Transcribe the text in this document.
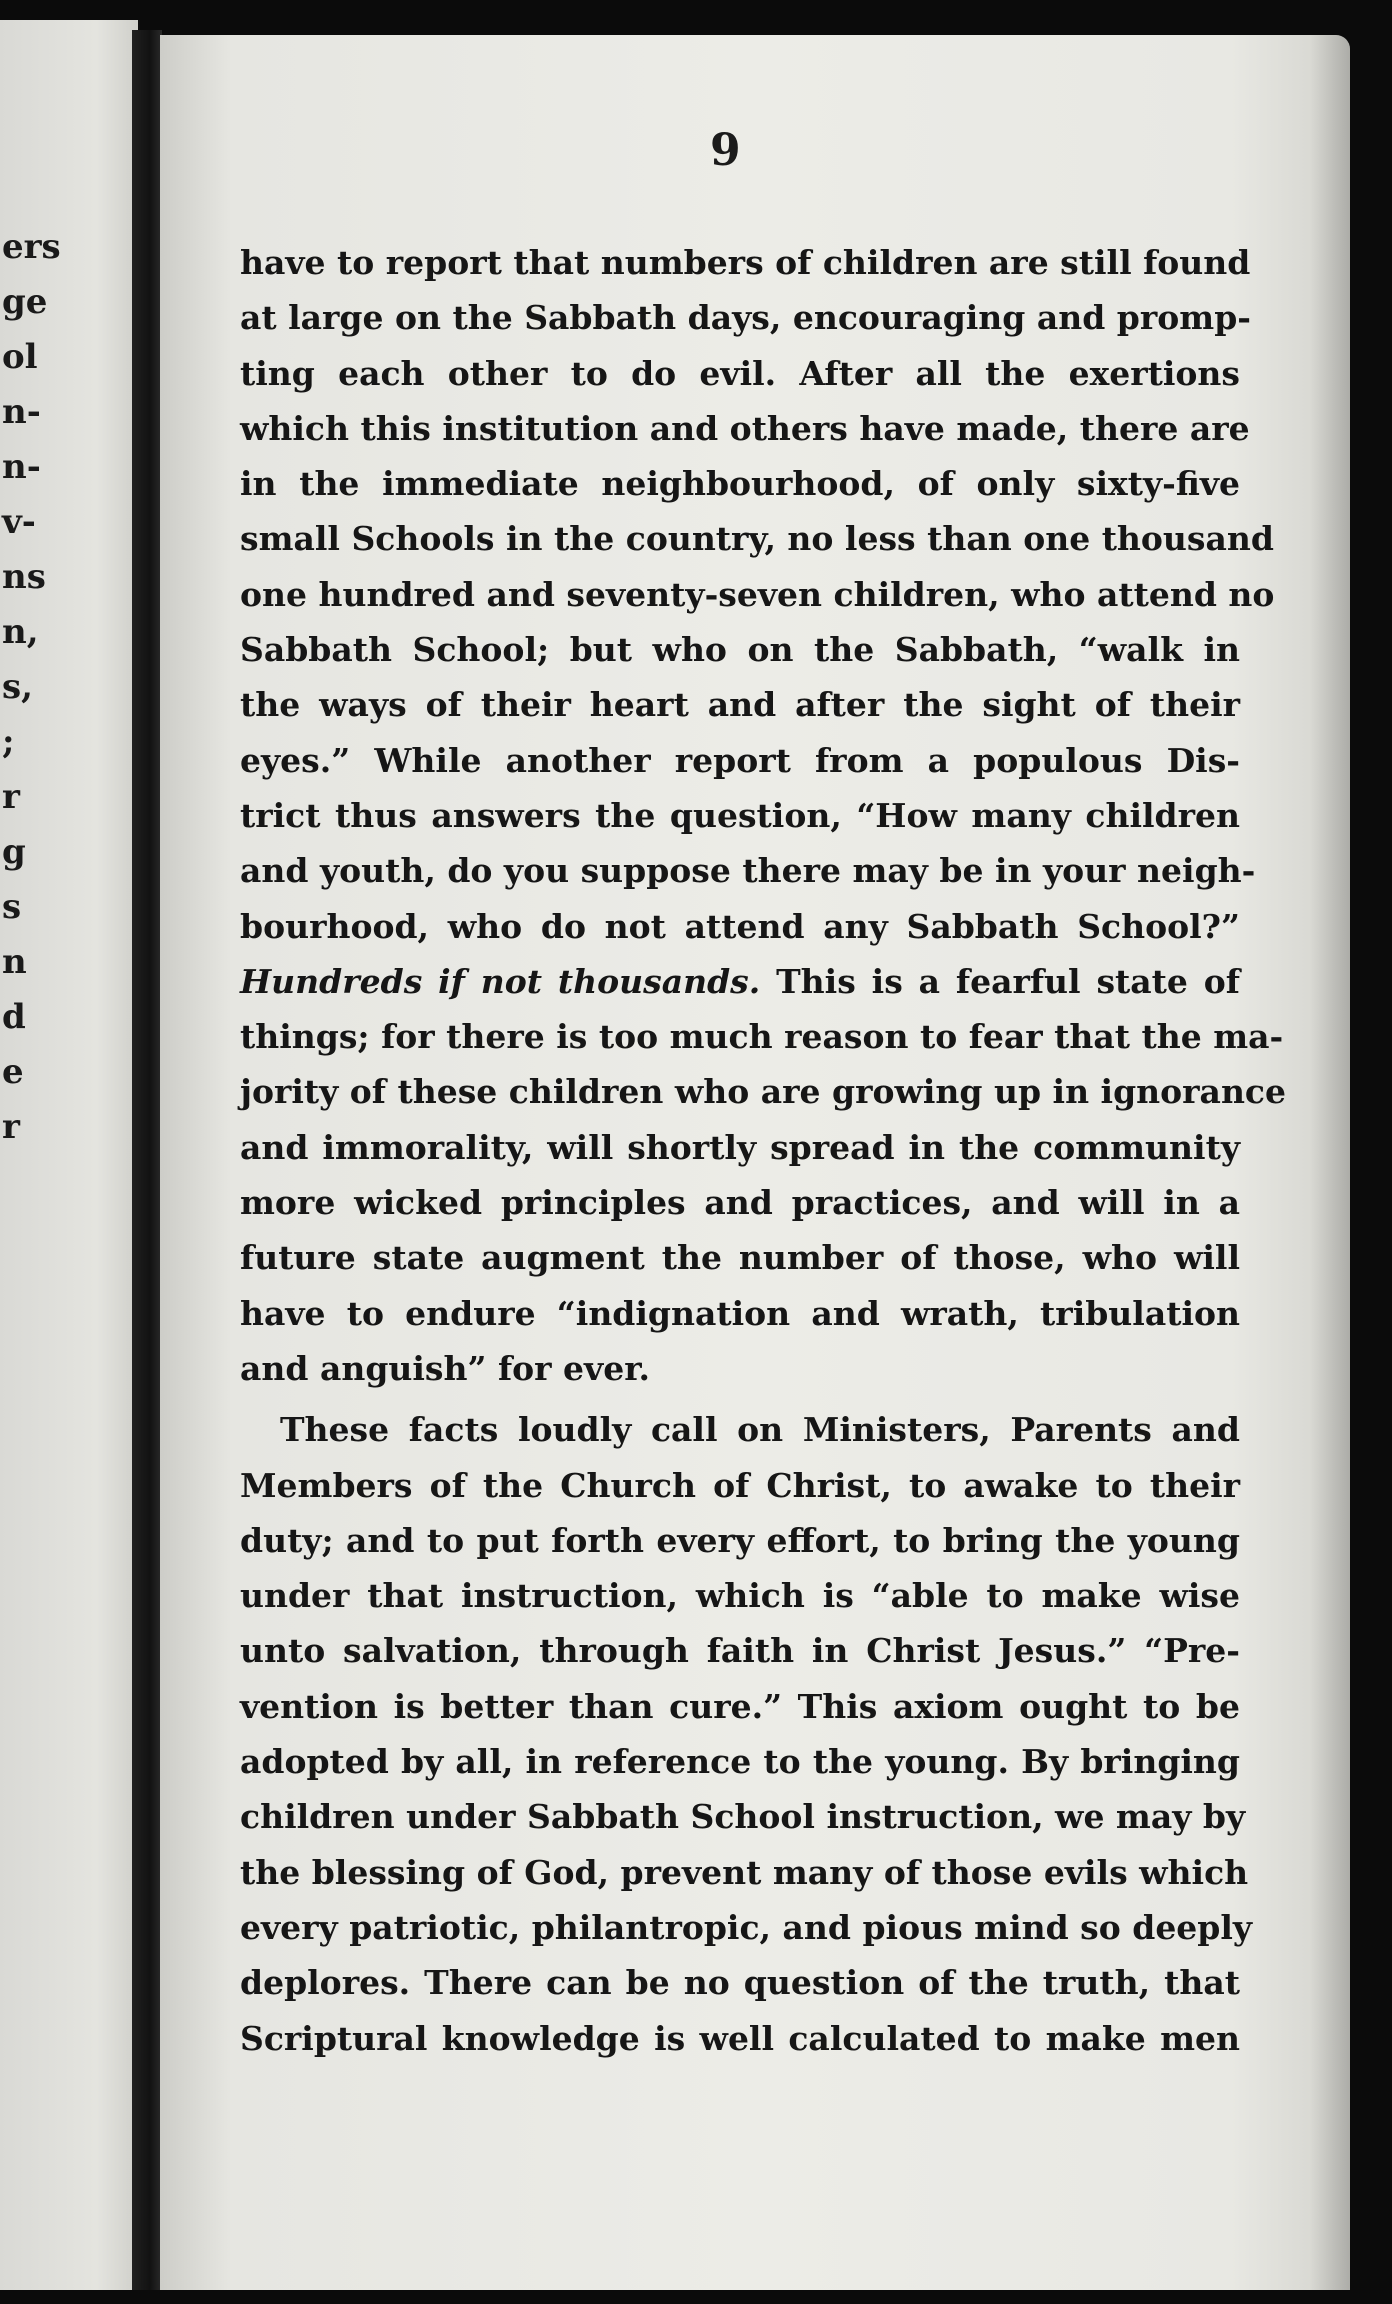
ers
ge
ol
n-
n-
v-
ns
n,
s,
;
r
g
s
n
d
e
r
9
have to report that numbers of children are still found
at large on the Sabbath days, encouraging and promp-
ting each other to do evil. After all the exertions
which this institution and others have made, there are
in the immediate neighbourhood, of only sixty-five
small Schools in the country, no less than one thousand
one hundred and seventy-seven children, who attend no
Sabbath School; but who on the Sabbath, “walk in
the ways of their heart and after the sight of their
eyes.” While another report from a populous Dis-
trict thus answers the question, “How many children
and youth, do you suppose there may be in your neigh-
bourhood, who do not attend any Sabbath School?”
Hundreds if not thousands. This is a fearful state of
things; for there is too much reason to fear that the ma-
jority of these children who are growing up in ignorance
and immorality, will shortly spread in the community
more wicked principles and practices, and will in a
future state augment the number of those, who will
have to endure “indignation and wrath, tribulation
and anguish” for ever.
These facts loudly call on Ministers, Parents and
Members of the Church of Christ, to awake to their
duty; and to put forth every effort, to bring the young
under that instruction, which is “able to make wise
unto salvation, through faith in Christ Jesus.” “Pre-
vention is better than cure.” This axiom ought to be
adopted by all, in reference to the young. By bringing
children under Sabbath School instruction, we may by
the blessing of God, prevent many of those evils which
every patriotic, philantropic, and pious mind so deeply
deplores. There can be no question of the truth, that
Scriptural knowledge is well calculated to make men
